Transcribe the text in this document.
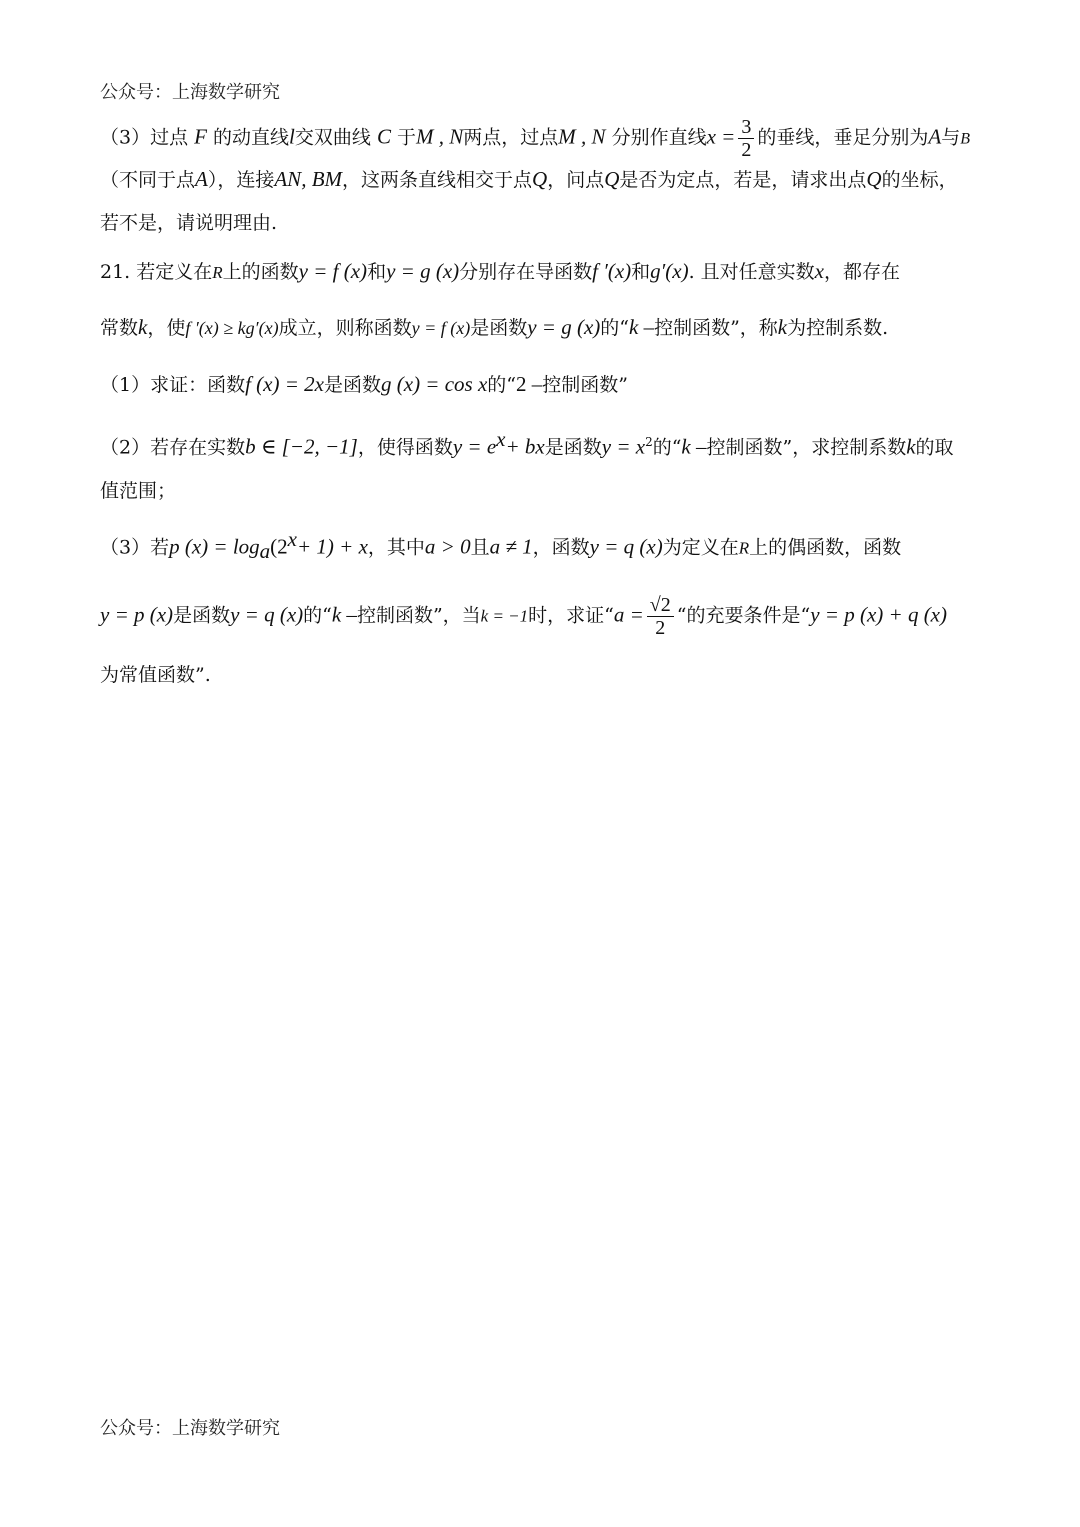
公众号：上海数学研究
（3）过点 F 的动直线l交双曲线 C 于M , N两点，过点M , N 分别作直线$x = \frac{3}{2}$ 的垂线，垂足分别为A与B
（不同于点A），连接AN, BM，这两条直线相交于点Q，问点Q是否为定点，若是，请求出点Q的坐标，
若不是，请说明理由.
21. 若定义在R上的函数y = f (x)和y = g (x)分别存在导函数f ′(x)和g′(x). 且对任意实数x，都存在
常数k，使f ′(x) ≥ kg′(x)成立，则称函数y = f (x)是函数y = g (x)的“k –控制函数”，称k为控制系数.
（1）求证：函数f (x) = 2x是函数g (x) = cos x的“2 –控制函数”
（2）若存在实数b ∈ [−2, −1]，使得函数$y = e^x+$ bx是函数$y = x^2$的“k –控制函数”，求控制系数k的取
值范围；
（3）若p $(x) = \log_a(2^x+ 1) + x$，其中a > 0且a ≠ 1，函数y = q (x)为定义在R上的偶函数，函数
y = p (x)是函数y = q (x)的“k –控制函数”，当k = −1时，求证“$a = \frac{√2}{2}$ “的充要条件是“y = p (x) + q (x)
为常值函数”.
公众号：上海数学研究
